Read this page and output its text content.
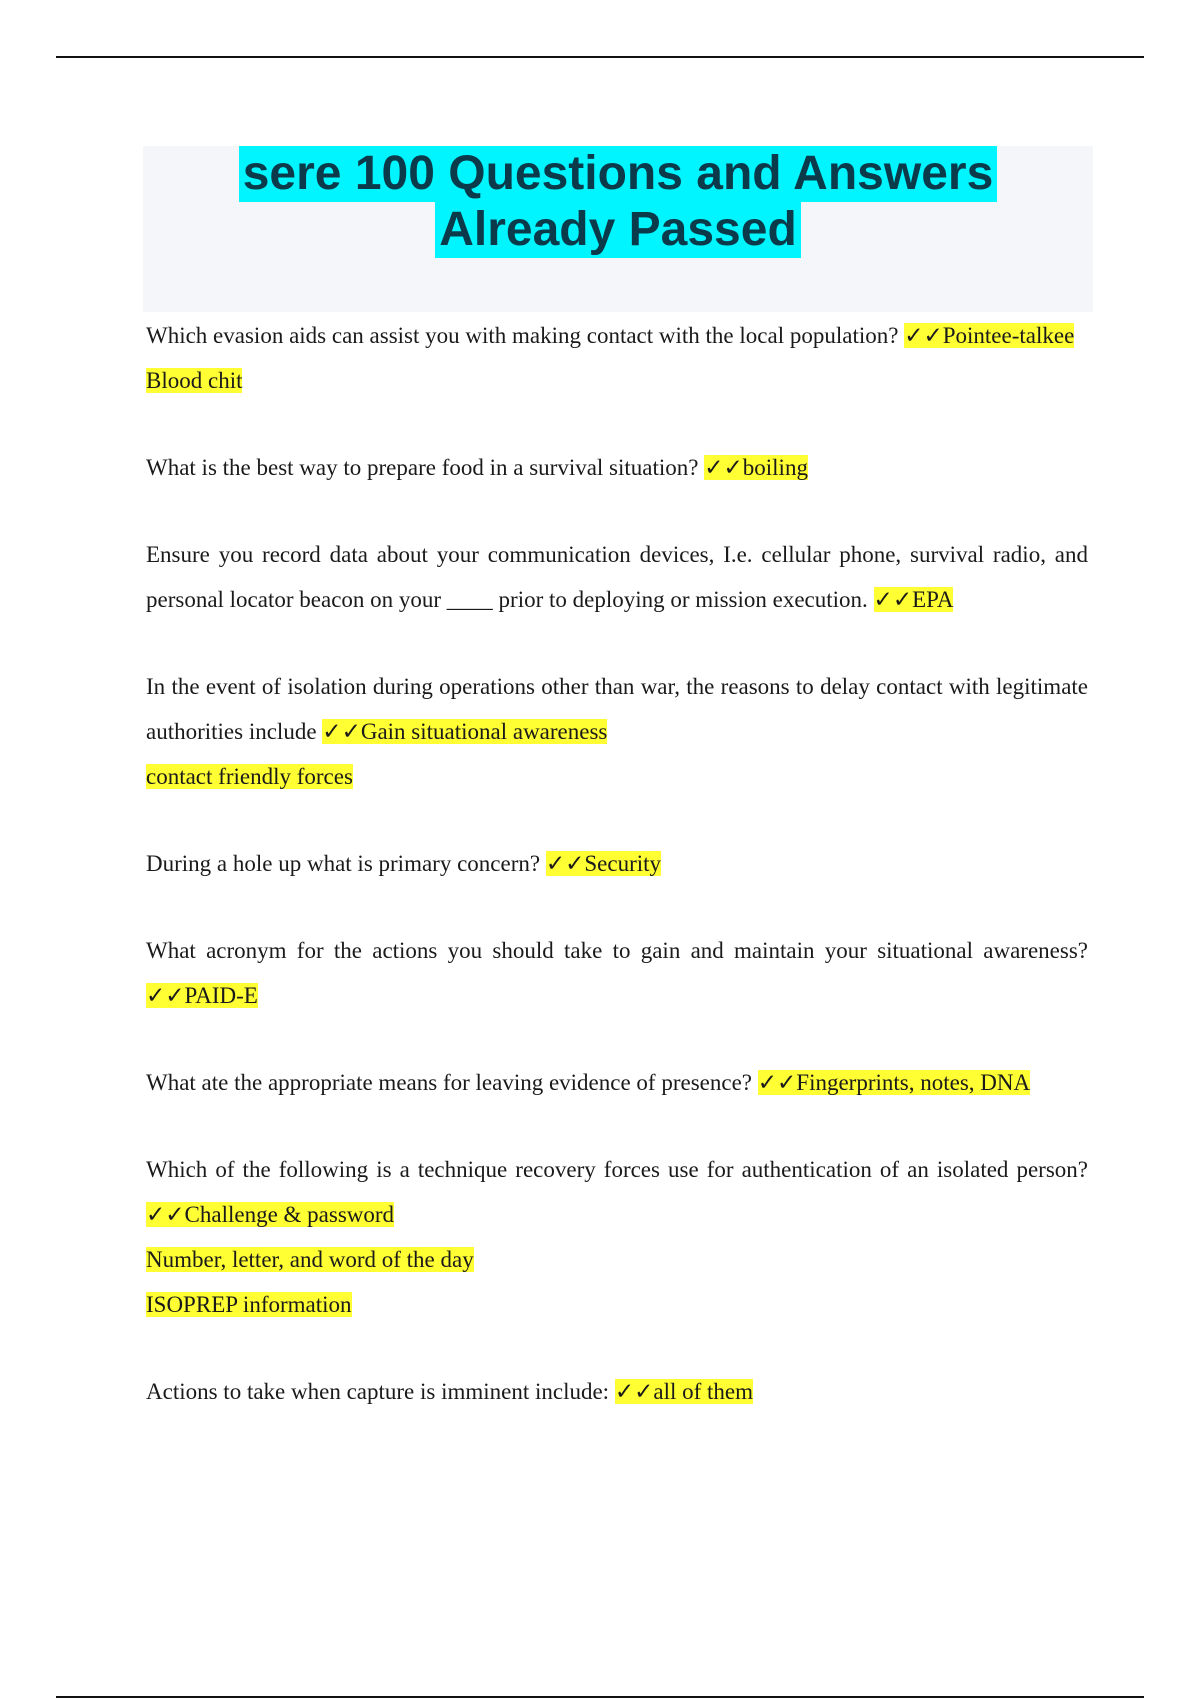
sere 100 Questions and Answers
Already Passed

Which evasion aids can assist you with making contact with the local population? ✓✓Pointee-talkee

Blood chit

What is the best way to prepare food in a survival situation? ✓✓boiling

Ensure you record data about your communication devices, I.e. cellular phone, survival radio, and personal locator beacon on your ____ prior to deploying or mission execution. ✓✓EPA

In the event of isolation during operations other than war, the reasons to delay contact with legitimate authorities include ✓✓Gain situational awareness

contact friendly forces

During a hole up what is primary concern? ✓✓Security

What acronym for the actions you should take to gain and maintain your situational awareness? ✓✓PAID-E

What ate the appropriate means for leaving evidence of presence? ✓✓Fingerprints, notes, DNA

Which of the following is a technique recovery forces use for authentication of an isolated person? ✓✓Challenge & password

Number, letter, and word of the day
ISOPREP information

Actions to take when capture is imminent include: ✓✓all of them
